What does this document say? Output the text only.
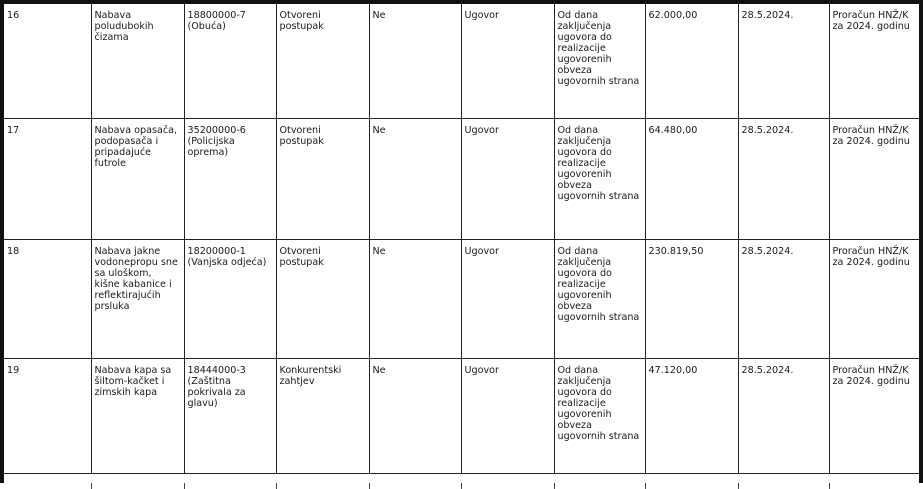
16	Nabava poludubokih čizama	18800000-7 (Obuća)	Otvoreni postupak	Ne	Ugovor	Od dana zaključenja ugovora do realizacije ugovorenih obveza ugovornih strana	62.000,00	28.5.2024.	Proračun HNŽ/K za 2024. godinu
17	Nabava opasača, podopasača i pripadajuće futrole	35200000-6 (Policijska oprema)	Otvoreni postupak	Ne	Ugovor	Od dana zaključenja ugovora do realizacije ugovorenih obveza ugovornih strana	64.480,00	28.5.2024.	Proračun HNŽ/K za 2024. godinu
18	Nabava jakne vodonepropu sne sa uloškom, kišne kabanice i reflektirajućih prsluka	18200000-1 (Vanjska odjeća)	Otvoreni postupak	Ne	Ugovor	Od dana zaključenja ugovora do realizacije ugovorenih obveza ugovornih strana	230.819,50	28.5.2024.	Proračun HNŽ/K za 2024. godinu
19	Nabava kapa sa šiltom-kačket i zimskih kapa	18444000-3 (Zaštitna pokrivala za glavu)	Konkurentski zahtjev	Ne	Ugovor	Od dana zaključenja ugovora do realizacije ugovorenih obveza ugovornih strana	47.120,00	28.5.2024.	Proračun HNŽ/K za 2024. godinu
